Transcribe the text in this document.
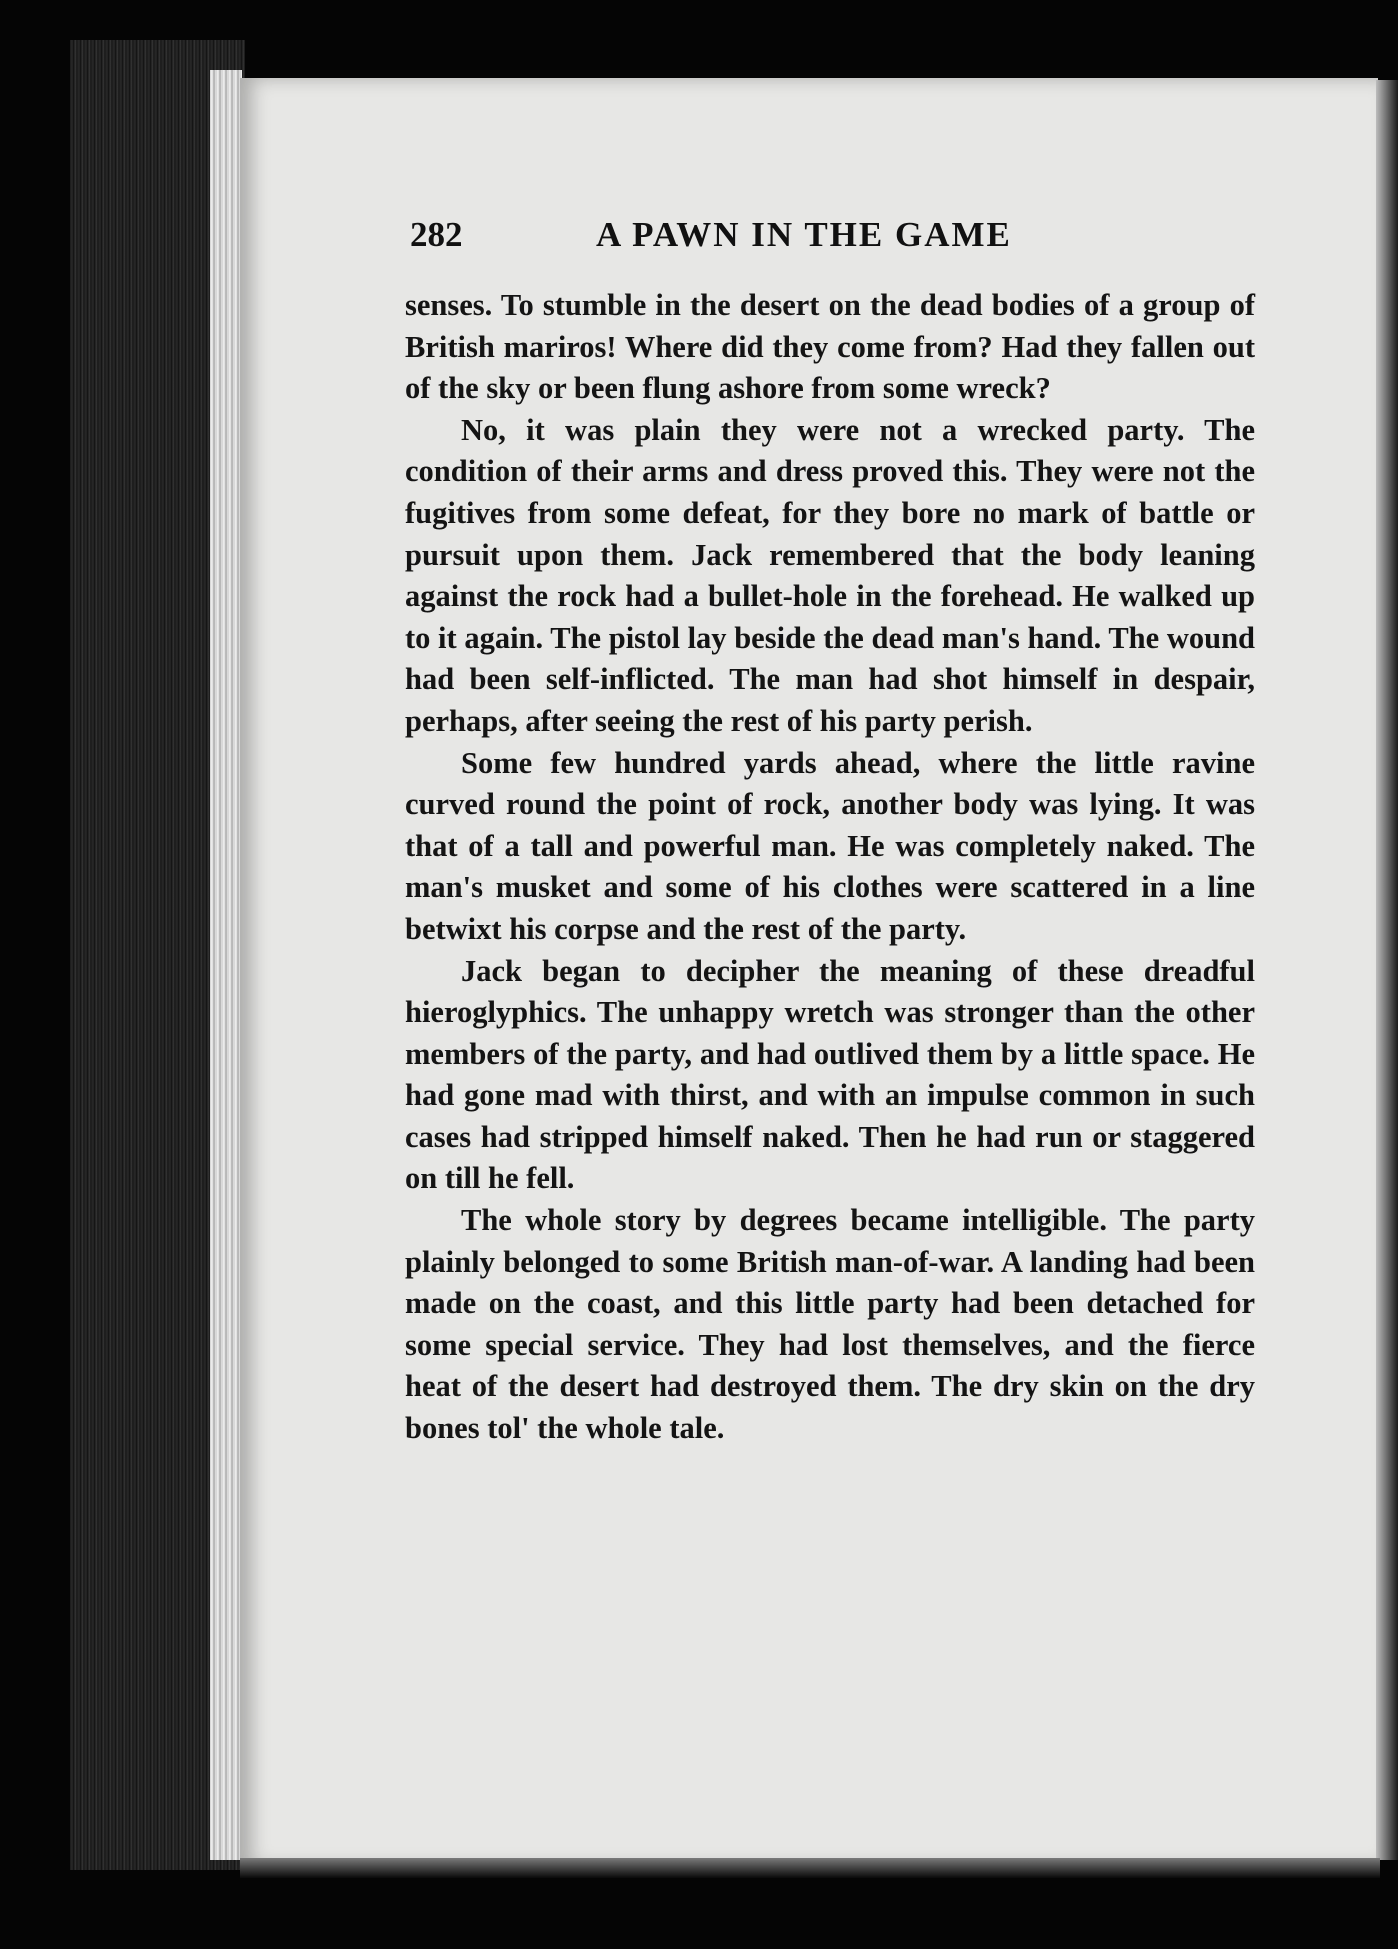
282	A PAWN IN THE GAME

senses. To stumble in the desert on the dead bodies of a group of British mariros! Where did they come from? Had they fallen out of the sky or been flung ashore from some wreck?

No, it was plain they were not a wrecked party. The condition of their arms and dress proved this. They were not the fugitives from some defeat, for they bore no mark of battle or pursuit upon them. Jack remembered that the body leaning against the rock had a bullet-hole in the forehead. He walked up to it again. The pistol lay beside the dead man's hand. The wound had been self-inflicted. The man had shot himself in despair, perhaps, after seeing the rest of his party perish.

Some few hundred yards ahead, where the little ravine curved round the point of rock, another body was lying. It was that of a tall and powerful man. He was completely naked. The man's musket and some of his clothes were scattered in a line betwixt his corpse and the rest of the party.

Jack began to decipher the meaning of these dreadful hieroglyphics. The unhappy wretch was stronger than the other members of the party, and had outlived them by a little space. He had gone mad with thirst, and with an impulse common in such cases had stripped himself naked. Then he had run or staggered on till he fell.

The whole story by degrees became intelligible. The party plainly belonged to some British man-of-war. A landing had been made on the coast, and this little party had been detached for some special service. They had lost themselves, and the fierce heat of the desert had destroyed them. The dry skin on the dry bones tol' the whole tale.
